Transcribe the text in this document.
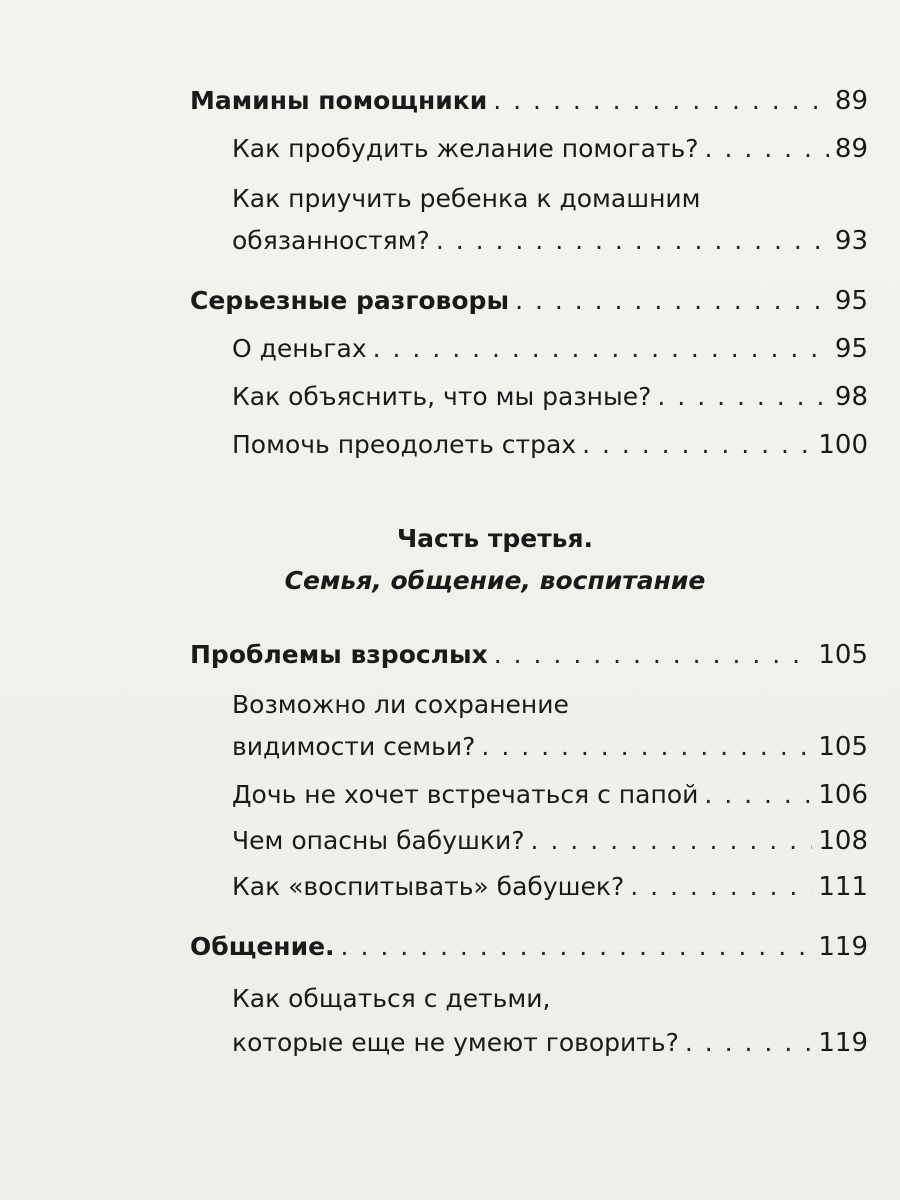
Мамины помощники . . .	89
Как пробудить желание помогать? . . .	89
Как приучить ребенка к домашним
обязанностям? . . .	93
Серьезные разговоры . . .	95
О деньгах . . .	95
Как объяснить, что мы разные? . . .	98
Помочь преодолеть страх . . .	100
Часть третья.
Семья, общение, воспитание
Проблемы взрослых . . .	105
Возможно ли сохранение
видимости семьи? . . .	105
Дочь не хочет встречаться с папой . . .	106
Чем опасны бабушки? . . .	108
Как «воспитывать» бабушек? . . .	111
Общение. . . .	119
Как общаться с детьми,
которые еще не умеют говорить? . . .	119
